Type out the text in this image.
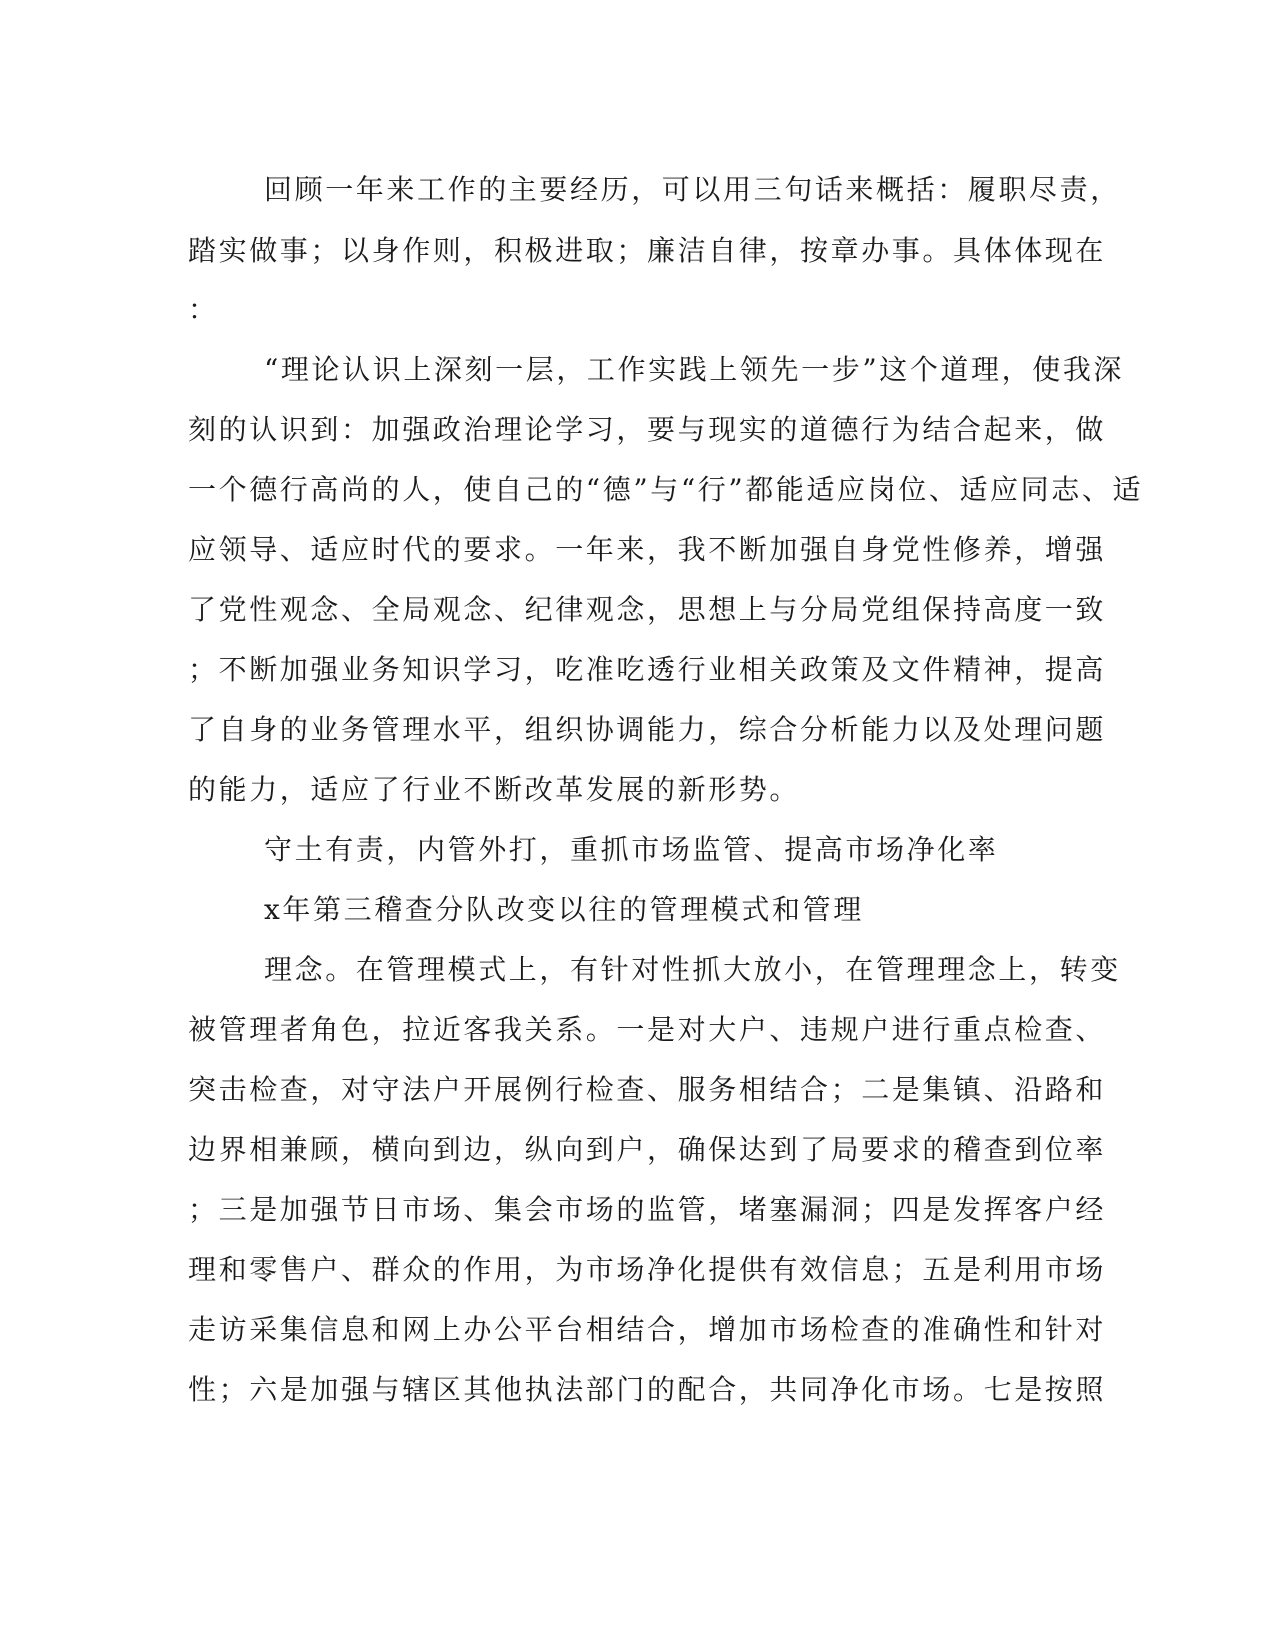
回顾一年来工作的主要经历，可以用三句话来概括：履职尽责，
踏实做事；以身作则，积极进取；廉洁自律，按章办事。具体体现在
：
“理论认识上深刻一层，工作实践上领先一步”这个道理，使我深
刻的认识到：加强政治理论学习，要与现实的道德行为结合起来，做
一个德行高尚的人，使自己的“德”与“行”都能适应岗位、适应同志、适
应领导、适应时代的要求。一年来，我不断加强自身党性修养，增强
了党性观念、全局观念、纪律观念，思想上与分局党组保持高度一致
；不断加强业务知识学习，吃准吃透行业相关政策及文件精神，提高
了自身的业务管理水平，组织协调能力，综合分析能力以及处理问题
的能力，适应了行业不断改革发展的新形势。
守土有责，内管外打，重抓市场监管、提高市场净化率
x年第三稽查分队改变以往的管理模式和管理
理念。在管理模式上，有针对性抓大放小，在管理理念上，转变
被管理者角色，拉近客我关系。一是对大户、违规户进行重点检查、
突击检查，对守法户开展例行检查、服务相结合；二是集镇、沿路和
边界相兼顾，横向到边，纵向到户，确保达到了局要求的稽查到位率
；三是加强节日市场、集会市场的监管，堵塞漏洞；四是发挥客户经
理和零售户、群众的作用，为市场净化提供有效信息；五是利用市场
走访采集信息和网上办公平台相结合，增加市场检查的准确性和针对
性；六是加强与辖区其他执法部门的配合，共同净化市场。七是按照
